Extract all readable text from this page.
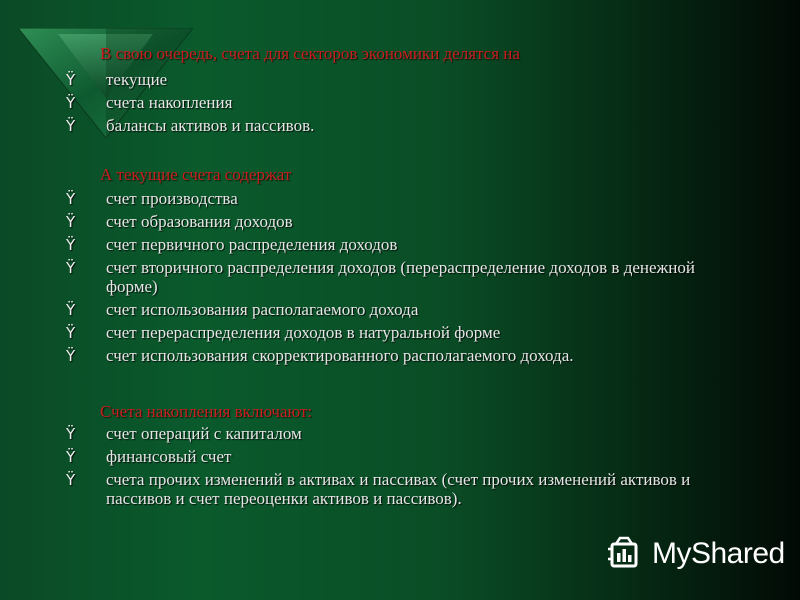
В свою очередь, счета для секторов экономики делятся на

Ÿ текущие
Ÿ счета накопления
Ÿ балансы активов и пассивов.

А текущие счета содержат

Ÿ счет производства
Ÿ счет образования доходов
Ÿ счет первичного распределения доходов
Ÿ счет вторичного распределения доходов (перераспределение доходов в денежной форме)
Ÿ счет использования располагаемого дохода
Ÿ счет перераспределения доходов в натуральной форме
Ÿ счет использования скорректированного располагаемого дохода.

Счета накопления включают:

Ÿ счет операций с капиталом
Ÿ финансовый счет
Ÿ счета прочих изменений в активах и пассивах (счет прочих изменений активов и пассивов и счет переоценки активов и пассивов).
MyShared
